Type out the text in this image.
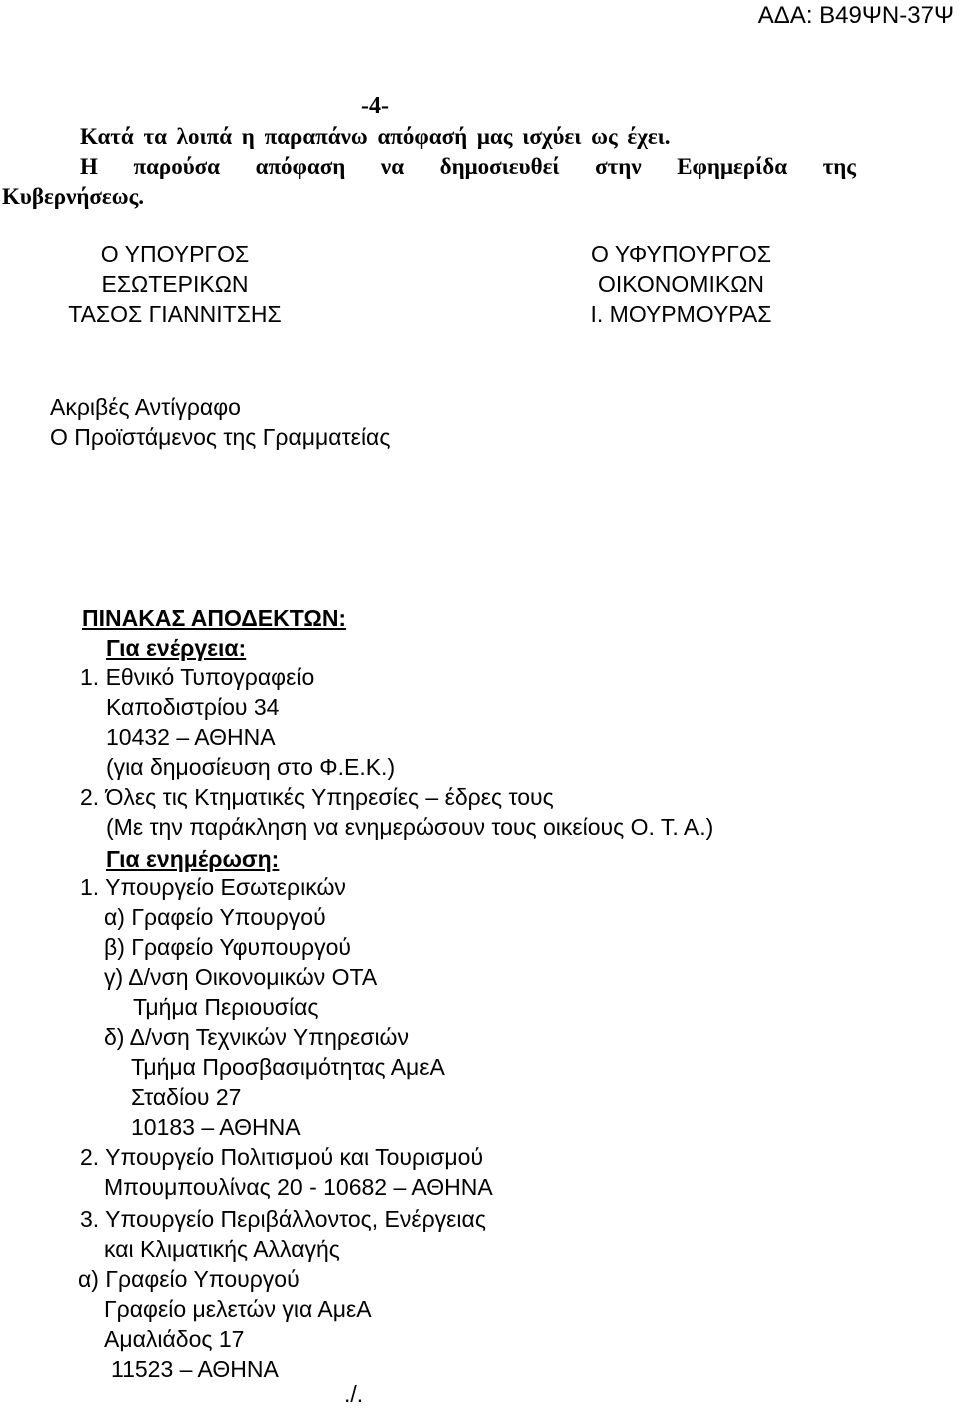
ΑΔΑ: Β49ΨΝ-37Ψ
-4-
Κατά τα λοιπά η παραπάνω απόφασή μας ισχύει ως έχει.
Η παρούσα απόφαση να δημοσιευθεί στην Εφημερίδα της
Κυβερνήσεως.
Ο ΥΠΟΥΡΓΟΣ
ΕΣΩΤΕΡΙΚΩΝ
ΤΑΣΟΣ ΓΙΑΝΝΙΤΣΗΣ
Ο ΥΦΥΠΟΥΡΓΟΣ
ΟΙΚΟΝΟΜΙΚΩΝ
Ι. ΜΟΥΡΜΟΥΡΑΣ
Ακριβές Αντίγραφο
Ο Προϊστάμενος της Γραμματείας
ΠΙΝΑΚΑΣ ΑΠΟΔΕΚΤΩΝ:
Για ενέργεια:
1. Εθνικό Τυπογραφείο
Καποδιστρίου 34
10432 – ΑΘΗΝΑ
(για δημοσίευση στο Φ.Ε.Κ.)
2. Όλες τις Κτηματικές Υπηρεσίες – έδρες τους
(Με την παράκληση να ενημερώσουν τους οικείους Ο. Τ. Α.)
Για ενημέρωση:
1. Υπουργείο Εσωτερικών
α) Γραφείο Υπουργού
β) Γραφείο Υφυπουργού
γ) Δ/νση Οικονομικών ΟΤΑ
Τμήμα Περιουσίας
δ) Δ/νση Τεχνικών Υπηρεσιών
Τμήμα Προσβασιμότητας ΑμεΑ
Σταδίου 27
10183 – ΑΘΗΝΑ
2. Υπουργείο Πολιτισμού και Τουρισμού
Μπουμπουλίνας 20 - 10682 – ΑΘΗΝΑ
3. Υπουργείο Περιβάλλοντος, Ενέργειας
και Κλιματικής Αλλαγής
α) Γραφείο Υπουργού
Γραφείο μελετών για ΑμεΑ
Αμαλιάδος 17
11523 – ΑΘΗΝΑ
./.
